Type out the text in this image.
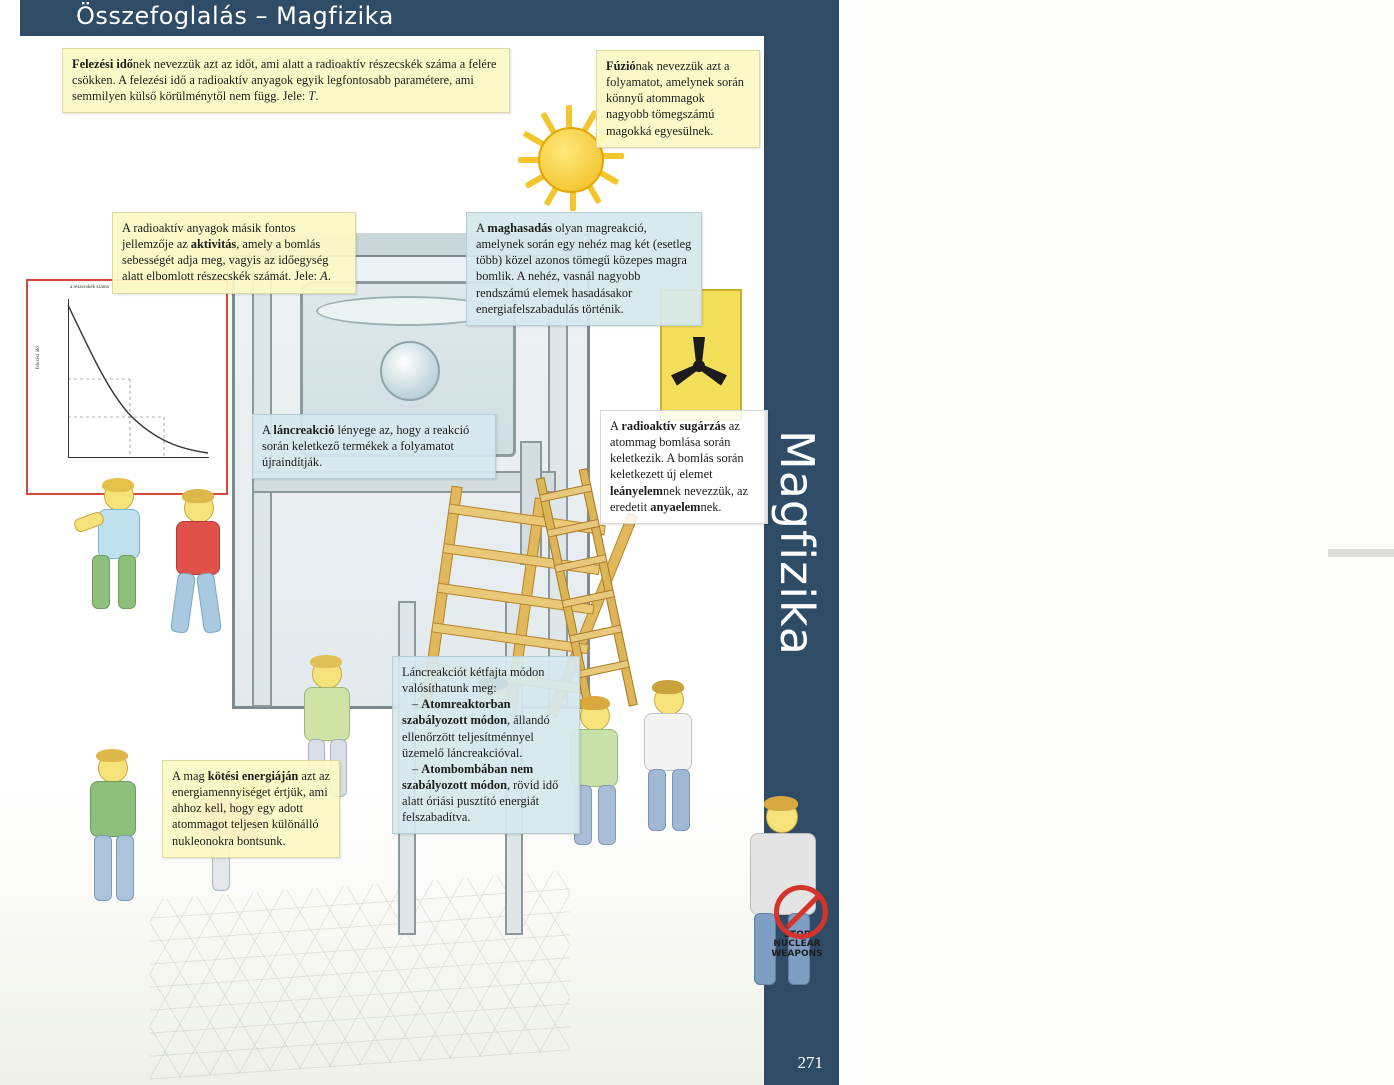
Összefoglalás – Magfizika
Magfizika
271
a részecskék száma
felezési idő
STOP
NUCLEAR
WEAPONS
Felezési időnek nevezzük azt az időt, ami alatt a radioaktív részecskék száma a felére csökken. A felezési idő a radioaktív anyagok egyik legfontosabb paramétere, ami semmilyen külső körülménytől nem függ. Jele: T.
Fúziónak nevezzük azt a folyamatot, amelynek során könnyű atommagok nagyobb tömegszámú magokká egyesülnek.
A radioaktív anyagok másik fontos jellemzője az aktivitás, amely a bomlás sebességét adja meg, vagyis az időegység alatt elbomlott részecskék számát. Jele: A.
A maghasadás olyan magreakció, amelynek során egy nehéz mag két (esetleg több) közel azonos tömegű közepes magra bomlik. A nehéz, vasnál nagyobb rendszámú elemek hasadásakor energiafelszabadulás történik.
A láncreakció lényege az, hogy a reakció során keletkező termékek a folyamatot újraindítják.
A radioaktív sugárzás az atommag bomlása során keletkezik. A bomlás során keletkezett új elemet leányelemnek nevezzük, az eredetit anyaelemnek.
Láncreakciót kétfajta módon valósíthatunk meg:
– Atomreaktorban szabályozott módon, állandó ellenőrzött teljesítménnyel üzemelő láncreakcióval.
– Atombombában nem szabályozott módon, rövid idő alatt óriási pusztító energiát felszabadítva.
A mag kötési energiáján azt az energiamennyiséget értjük, ami ahhoz kell, hogy egy adott atommagot teljesen különálló nukleonokra bontsunk.
